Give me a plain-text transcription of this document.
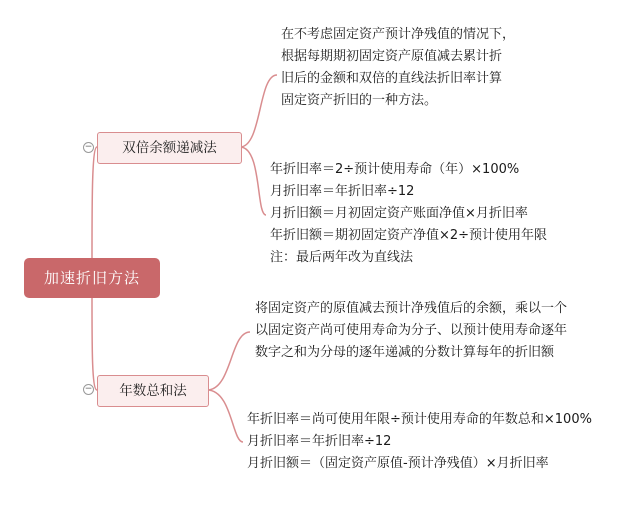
加速折旧方法
−	双倍余额递减法
−	年数总和法
在不考虑固定资产预计净残值的情况下，
根据每期期初固定资产原值减去累计折
旧后的金额和双倍的直线法折旧率计算
固定资产折旧的一种方法。
年折旧率＝2÷预计使用寿命（年）×100%
月折旧率＝年折旧率÷12
月折旧额＝月初固定资产账面净值×月折旧率
年折旧额＝期初固定资产净值×2÷预计使用年限
注：最后两年改为直线法
将固定资产的原值减去预计净残值后的余额，乘以一个
以固定资产尚可使用寿命为分子、以预计使用寿命逐年
数字之和为分母的逐年递减的分数计算每年的折旧额
年折旧率＝尚可使用年限÷预计使用寿命的年数总和×100%
月折旧率＝年折旧率÷12
月折旧额＝（固定资产原值-预计净残值）×月折旧率
